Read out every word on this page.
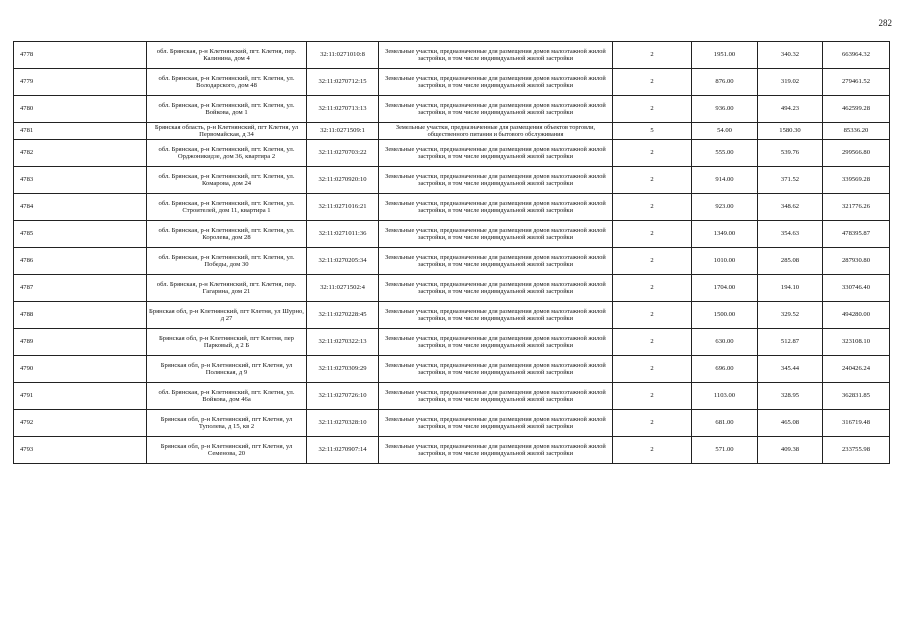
282
4778	обл. Брянская, р-н Клетнянский, пгт. Клетня, пер. Калинина, дом 4	32:11:0271010:8	Земельные участки, предназначенные для размещения домов малоэтажной жилой застройки, в том числе индивидуальной жилой застройки	2	1951.00	340.32	663964.32
4779	обл. Брянская, р-н Клетнянский, пгт. Клетня, ул. Володарского, дом 48	32:11:0270712:15	Земельные участки, предназначенные для размещения домов малоэтажной жилой застройки, в том числе индивидуальной жилой застройки	2	876.00	319.02	279461.52
4780	обл. Брянская, р-н Клетнянский, пгт. Клетня, ул. Войкова, дом 1	32:11:0270713:13	Земельные участки, предназначенные для размещения домов малоэтажной жилой застройки, в том числе индивидуальной жилой застройки	2	936.00	494.23	462599.28
4781	Брянская область, р-н Клетнянский, пгт Клетня, ул Первомайская, д 34	32:11:0271509:1	Земельные участки, предназначенные для размещения объектов торговли, общественного питания и бытового обслуживания	5	54.00	1580.30	85336.20
4782	обл. Брянская, р-н Клетнянский, пгт. Клетня, ул. Орджоникидзе, дом 36, квартира 2	32:11:0270703:22	Земельные участки, предназначенные для размещения домов малоэтажной жилой застройки, в том числе индивидуальной жилой застройки	2	555.00	539.76	299566.80
4783	обл. Брянская, р-н Клетнянский, пгт. Клетня, ул. Комарова, дом 24	32:11:0270920:10	Земельные участки, предназначенные для размещения домов малоэтажной жилой застройки, в том числе индивидуальной жилой застройки	2	914.00	371.52	339569.28
4784	обл. Брянская, р-н Клетнянский, пгт. Клетня, ул. Строителей, дом 11, квартира 1	32:11:0271016:21	Земельные участки, предназначенные для размещения домов малоэтажной жилой застройки, в том числе индивидуальной жилой застройки	2	923.00	348.62	321776.26
4785	обл. Брянская, р-н Клетнянский, пгт. Клетня, ул. Королева, дом 28	32:11:0271011:36	Земельные участки, предназначенные для размещения домов малоэтажной жилой застройки, в том числе индивидуальной жилой застройки	2	1349.00	354.63	478395.87
4786	обл. Брянская, р-н Клетнянский, пгт. Клетня, ул. Победы, дом 30	32:11:0270205:34	Земельные участки, предназначенные для размещения домов малоэтажной жилой застройки, в том числе индивидуальной жилой застройки	2	1010.00	285.08	287930.80
4787	обл. Брянская, р-н Клетнянский, пгт. Клетня, пер. Гагарина, дом 21	32:11:0271502:4	Земельные участки, предназначенные для размещения домов малоэтажной жилой застройки, в том числе индивидуальной жилой застройки	2	1704.00	194.10	330746.40
4788	Брянская обл, р-н Клетнянский, пгт Клетня, ул Шурно, д 27	32:11:0270228:45	Земельные участки, предназначенные для размещения домов малоэтажной жилой застройки, в том числе индивидуальной жилой застройки	2	1500.00	329.52	494280.00
4789	Брянская обл, р-н Клетнянский, пгт Клетня, пер Парковый, д 2 Б	32:11:0270322:13	Земельные участки, предназначенные для размещения домов малоэтажной жилой застройки, в том числе индивидуальной жилой застройки	2	630.00	512.87	323108.10
4790	Брянская обл, р-н Клетнянский, пгт Клетня, ул Полянская, д 9	32:11:0270309:29	Земельные участки, предназначенные для размещения домов малоэтажной жилой застройки, в том числе индивидуальной жилой застройки	2	696.00	345.44	240426.24
4791	обл. Брянская, р-н Клетнянский, пгт. Клетня, ул. Войкова, дом 46а	32:11:0270726:10	Земельные участки, предназначенные для размещения домов малоэтажной жилой застройки, в том числе индивидуальной жилой застройки	2	1103.00	328.95	362831.85
4792	Брянская обл, р-н Клетнянский, пгт Клетня, ул Туполева, д 15, кв 2	32:11:0270328:10	Земельные участки, предназначенные для размещения домов малоэтажной жилой застройки, в том числе индивидуальной жилой застройки	2	681.00	465.08	316719.48
4793	Брянская обл, р-н Клетнянский, пгт Клетня, ул Семенова, 20	32:11:0270907:14	Земельные участки, предназначенные для размещения домов малоэтажной жилой застройки, в том числе индивидуальной жилой застройки	2	571.00	409.38	233755.98
